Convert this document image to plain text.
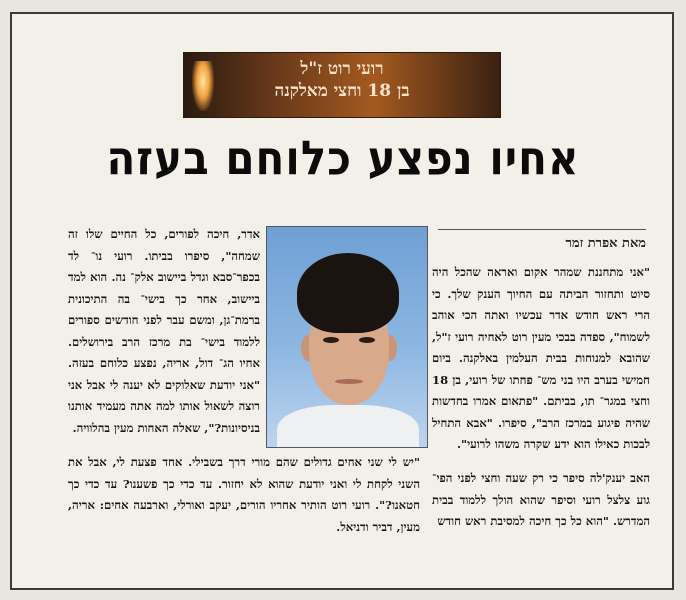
רועי רוט ז"ל
בן 18 וחצי מאלקנה
אחיו נפצע כלוחם בעזה
מאת אפרת זמר

"אני מתחננת שמהר אקום ואראה שהכל היה סיוט ותחזור הביתה עם החיוך הענק שלך. כי הרי ראש חודש אדר עכשיו ואתה הכי אוהב לשמוח", ספדה בבכי מעין רוט לאחיה רועי ז"ל, שהובא למנוחות בבית העלמין באלקנה. ביום חמישי בערב היו בני מש־ פחתו של רועי, בן 18 וחצי במגר־ תו, בביתם. "פתאום אמרו בחדשות שהיה פיגוע במרכז הרב", סיפרו. "אבא התחיל לבכות כאילו הוא ידע שקרה משהו לרועי".

אדר, חיכה לפורים, כל החיים שלו זה שמחה", סיפרו בביתו. רועי נו־ לד בכפר־סבא וגדל ביישוב אלק־ נה. הוא למד ביישוב, אחר כך בישי־ בה התיכונית ברמת־גן, ומשם עבר לפני חודשים ספורים ללמוד בישי־ בת מרכז הרב בירושלים. אחיו הג־ דול, אריה, נפצע כלוחם בעזה. "אני יודעת שאלוקים לא יענה לי אבל אני רוצה לשאול אותו למה אתה מעמיד אותנו בניסיונות?", שאלה האחות מעין בהלוויה.

"יש לי שני אחים גדולים שהם מורי דרך בשבילי. אחד פצעת לי, אבל את השני לקחת לי ואני יודעת שהוא לא יחזור. עד כדי כך פשענו? עד כדי כך חטאנו?". רועי רוט הותיר אחריו הורים, יעקב ואורלי, וארבעה אחים: אריה, מעין, דביר ודניאל.

האב יענק'לה סיפר כי רק שעה וחצי לפני הפי־ גוע צלצל רועי וסיפר שהוא הולך ללמוד בבית המדרש. "הוא כל כך חיכה למסיבת ראש חודש
